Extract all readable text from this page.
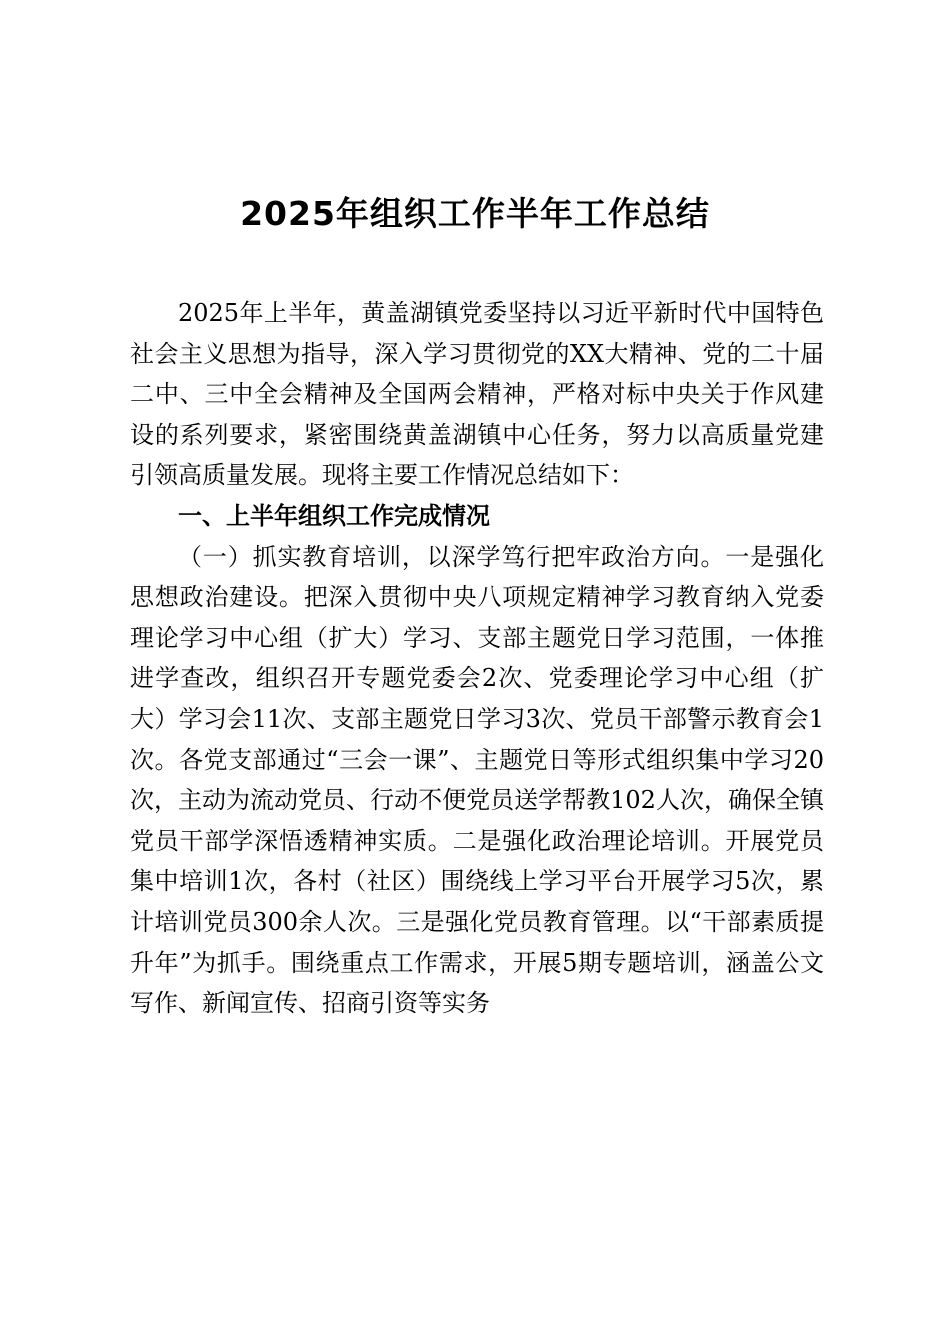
2025年组织工作半年工作总结

2025年上半年，黄盖湖镇党委坚持以习近平新时代中国特色社会主义思想为指导，深入学习贯彻党的XX大精神、党的二十届二中、三中全会精神及全国两会精神，严格对标中央关于作风建设的系列要求，紧密围绕黄盖湖镇中心任务，努力以高质量党建引领高质量发展。现将主要工作情况总结如下：

一、上半年组织工作完成情况

（一）抓实教育培训，以深学笃行把牢政治方向。一是强化思想政治建设。把深入贯彻中央八项规定精神学习教育纳入党委理论学习中心组（扩大）学习、支部主题党日学习范围，一体推进学查改，组织召开专题党委会2次、党委理论学习中心组（扩大）学习会11次、支部主题党日学习3次、党员干部警示教育会1次。各党支部通过“三会一课”、主题党日等形式组织集中学习20次，主动为流动党员、行动不便党员送学帮教102人次，确保全镇党员干部学深悟透精神实质。二是强化政治理论培训。开展党员集中培训1次，各村（社区）围绕线上学习平台开展学习5次，累计培训党员300余人次。三是强化党员教育管理。以“干部素质提升年”为抓手。围绕重点工作需求，开展5期专题培训，涵盖公文写作、新闻宣传、招商引资等实务
